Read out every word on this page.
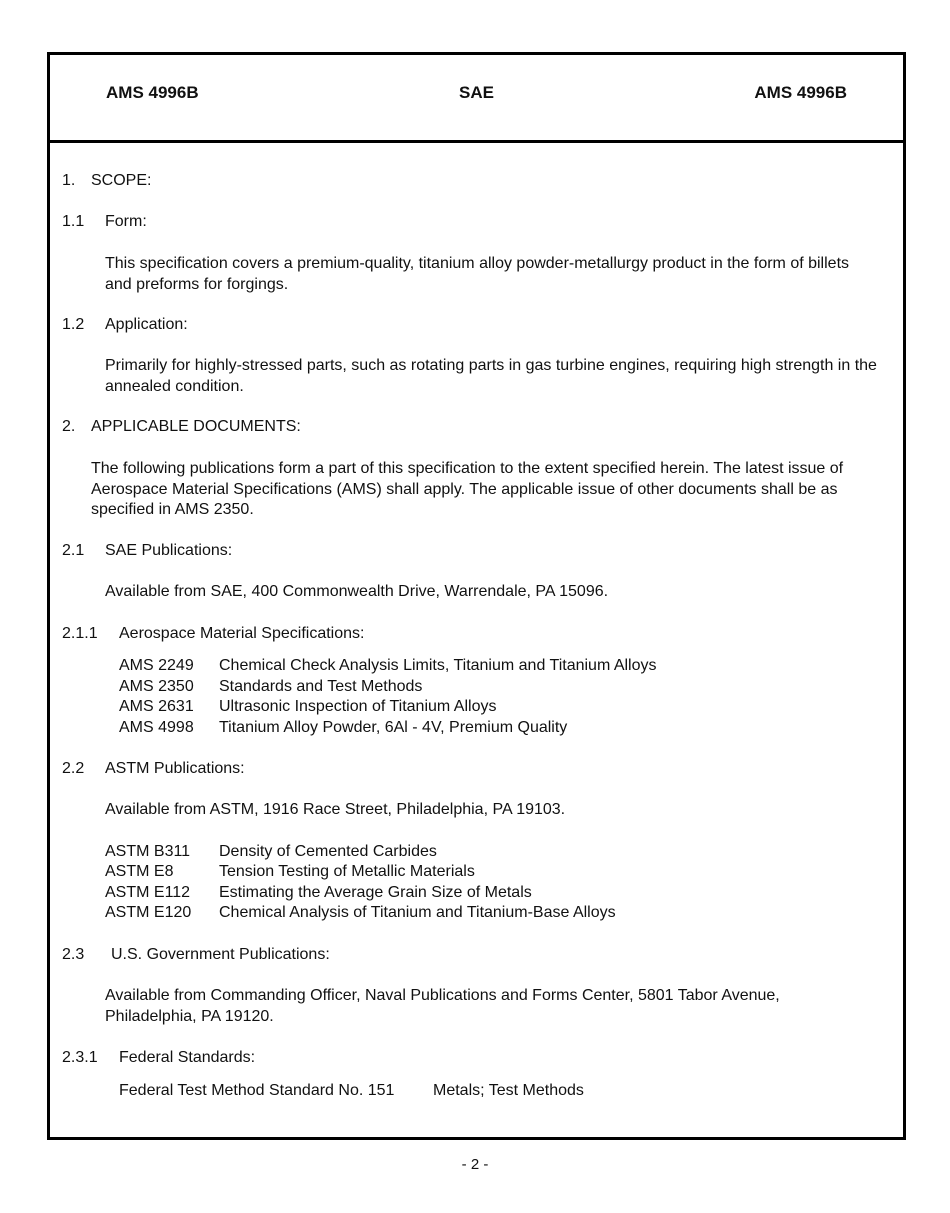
AMS 4996B	SAE	AMS 4996B
1. SCOPE:
1.1 Form:
This specification covers a premium-quality, titanium alloy powder-metallurgy product in the form of billets and preforms for forgings.
1.2 Application:
Primarily for highly-stressed parts, such as rotating parts in gas turbine engines, requiring high strength in the annealed condition.
2. APPLICABLE DOCUMENTS:
The following publications form a part of this specification to the extent specified herein. The latest issue of Aerospace Material Specifications (AMS) shall apply. The applicable issue of other documents shall be as specified in AMS 2350.
2.1 SAE Publications:
Available from SAE, 400 Commonwealth Drive, Warrendale, PA 15096.
2.1.1 Aerospace Material Specifications:
AMS 2249 Chemical Check Analysis Limits, Titanium and Titanium Alloys
AMS 2350 Standards and Test Methods
AMS 2631 Ultrasonic Inspection of Titanium Alloys
AMS 4998 Titanium Alloy Powder, 6Al - 4V, Premium Quality
2.2 ASTM Publications:
Available from ASTM, 1916 Race Street, Philadelphia, PA 19103.
ASTM B311 Density of Cemented Carbides
ASTM E8	Tension Testing of Metallic Materials
ASTM E112 Estimating the Average Grain Size of Metals
ASTM E120 Chemical Analysis of Titanium and Titanium-Base Alloys
2.3 U.S. Government Publications:
Available from Commanding Officer, Naval Publications and Forms Center, 5801 Tabor Avenue, Philadelphia, PA 19120.
2.3.1 Federal Standards:
Federal Test Method Standard No. 151 Metals; Test Methods
- 2 -
